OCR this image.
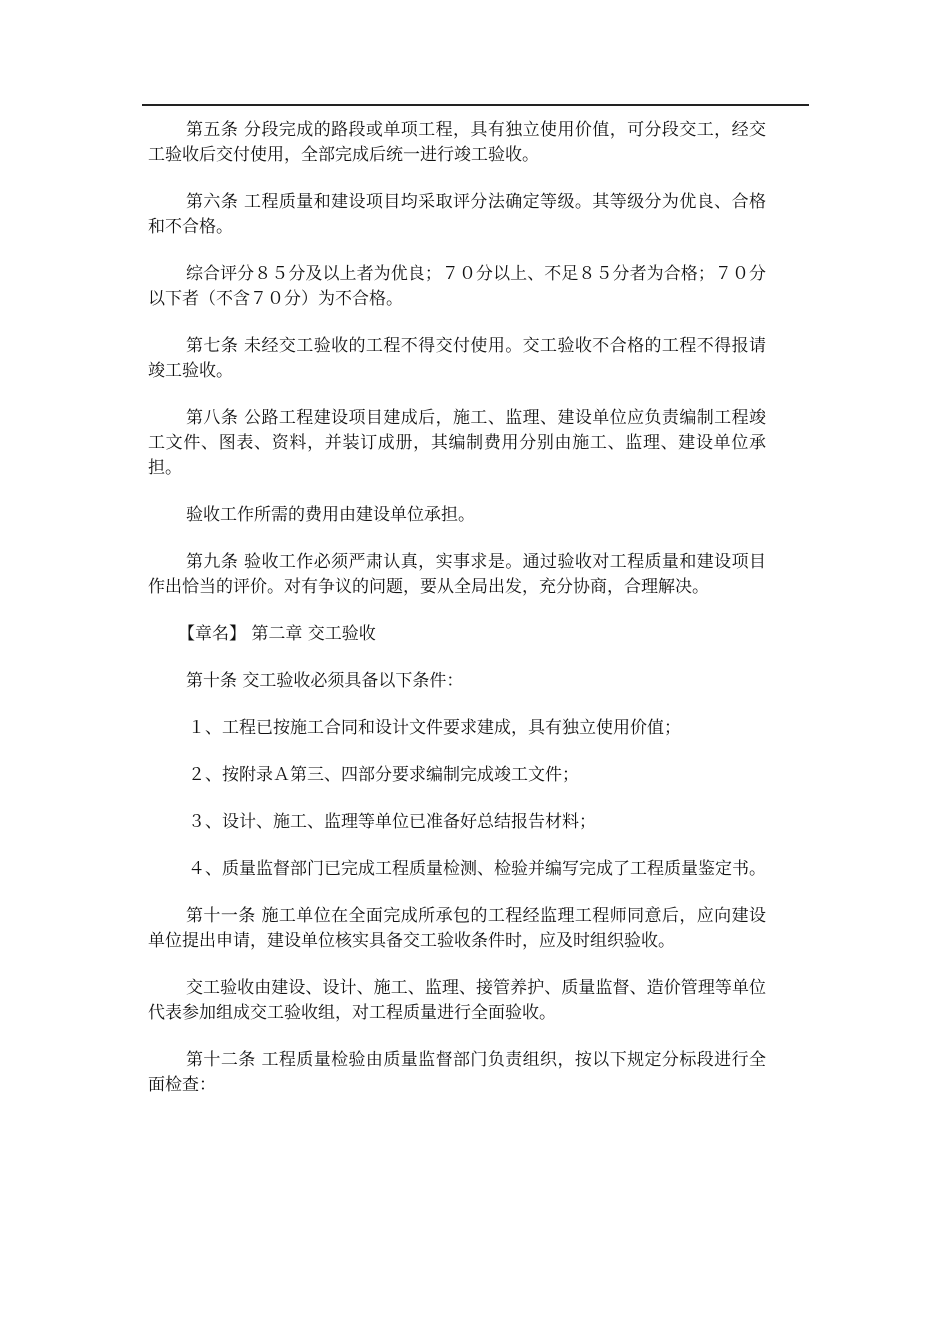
第五条 分段完成的路段或单项工程，具有独立使用价值，可分段交工，经交工验收后交付使用，全部完成后统一进行竣工验收。

第六条 工程质量和建设项目均采取评分法确定等级。其等级分为优良、合格和不合格。

综合评分８５分及以上者为优良；７０分以上、不足８５分者为合格；７０分以下者（不含７０分）为不合格。

第七条 未经交工验收的工程不得交付使用。交工验收不合格的工程不得报请竣工验收。

第八条 公路工程建设项目建成后，施工、监理、建设单位应负责编制工程竣工文件、图表、资料，并装订成册，其编制费用分别由施工、监理、建设单位承担。

验收工作所需的费用由建设单位承担。

第九条 验收工作必须严肃认真，实事求是。通过验收对工程质量和建设项目作出恰当的评价。对有争议的问题，要从全局出发，充分协商，合理解决。

【章名】 第二章 交工验收

第十条 交工验收必须具备以下条件：

１、工程已按施工合同和设计文件要求建成，具有独立使用价值；

２、按附录Ａ第三、四部分要求编制完成竣工文件；

３、设计、施工、监理等单位已准备好总结报告材料；

４、质量监督部门已完成工程质量检测、检验并编写完成了工程质量鉴定书。

第十一条 施工单位在全面完成所承包的工程经监理工程师同意后，应向建设单位提出申请，建设单位核实具备交工验收条件时，应及时组织验收。

交工验收由建设、设计、施工、监理、接管养护、质量监督、造价管理等单位代表参加组成交工验收组，对工程质量进行全面验收。

第十二条 工程质量检验由质量监督部门负责组织，按以下规定分标段进行全面检查：
